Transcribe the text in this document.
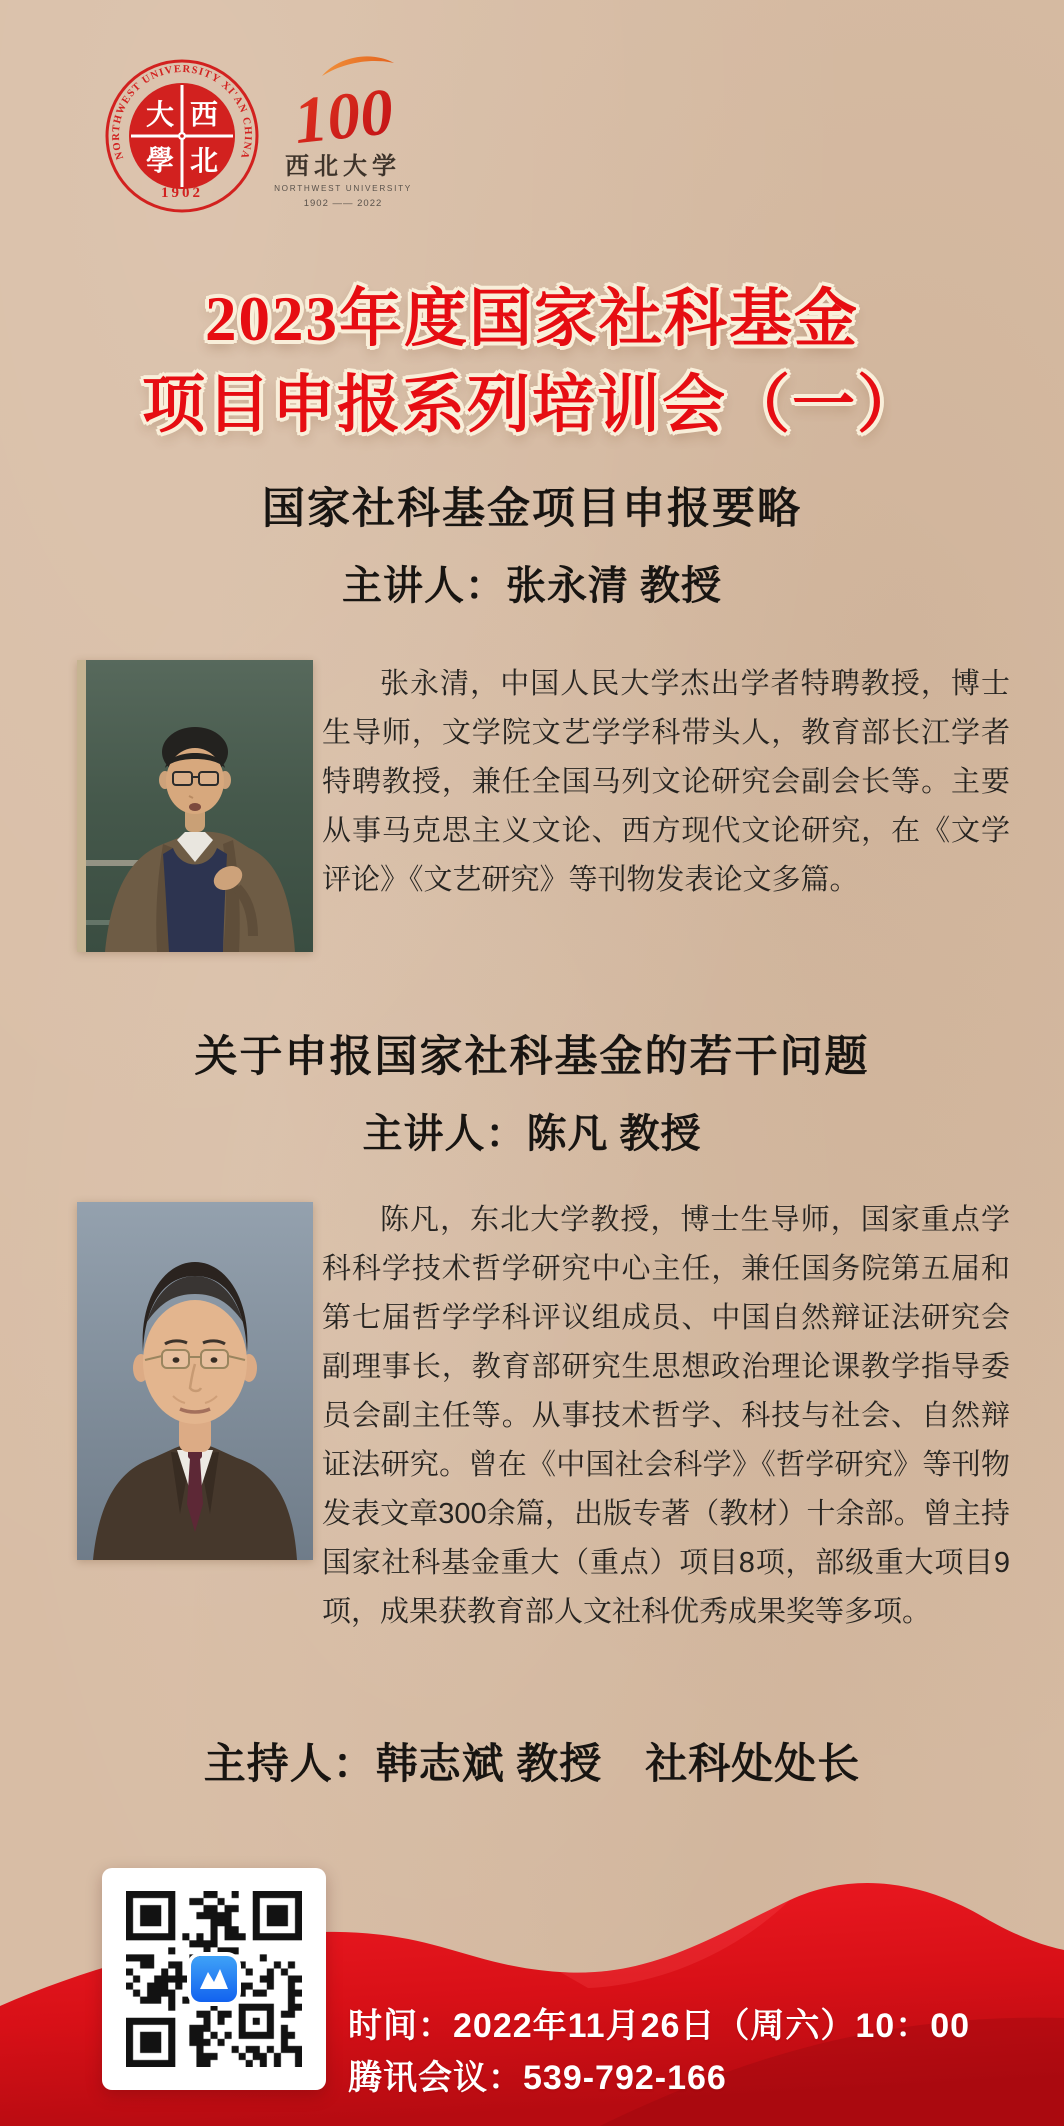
NORTHWEST UNIVERSITY XI'AN CHINA
1902
大 西
學 北
100
西北大学
NORTHWEST UNIVERSITY
1902 —— 2022
2023年度国家社科基金
项目申报系列培训会（一）
国家社科基金项目申报要略
主讲人：张永清 教授

张永清，中国人民大学杰出学者特聘教授，博士生导师，文学院文艺学学科带头人，教育部长江学者特聘教授，兼任全国马列文论研究会副会长等。主要从事马克思主义文论、西方现代文论研究，在《文学评论》《文艺研究》等刊物发表论文多篇。

关于申报国家社科基金的若干问题
主讲人：陈凡 教授

陈凡，东北大学教授，博士生导师，国家重点学科科学技术哲学研究中心主任，兼任国务院第五届和第七届哲学学科评议组成员、中国自然辩证法研究会副理事长，教育部研究生思想政治理论课教学指导委员会副主任等。从事技术哲学、科技与社会、自然辩证法研究。曾在《中国社会科学》《哲学研究》等刊物发表文章300余篇，出版专著（教材）十余部。曾主持国家社科基金重大（重点）项目8项，部级重大项目9项，成果获教育部人文社科优秀成果奖等多项。

主持人：韩志斌 教授　社科处处长
时间：2022年11月26日（周六）10：00
腾讯会议：539-792-166
